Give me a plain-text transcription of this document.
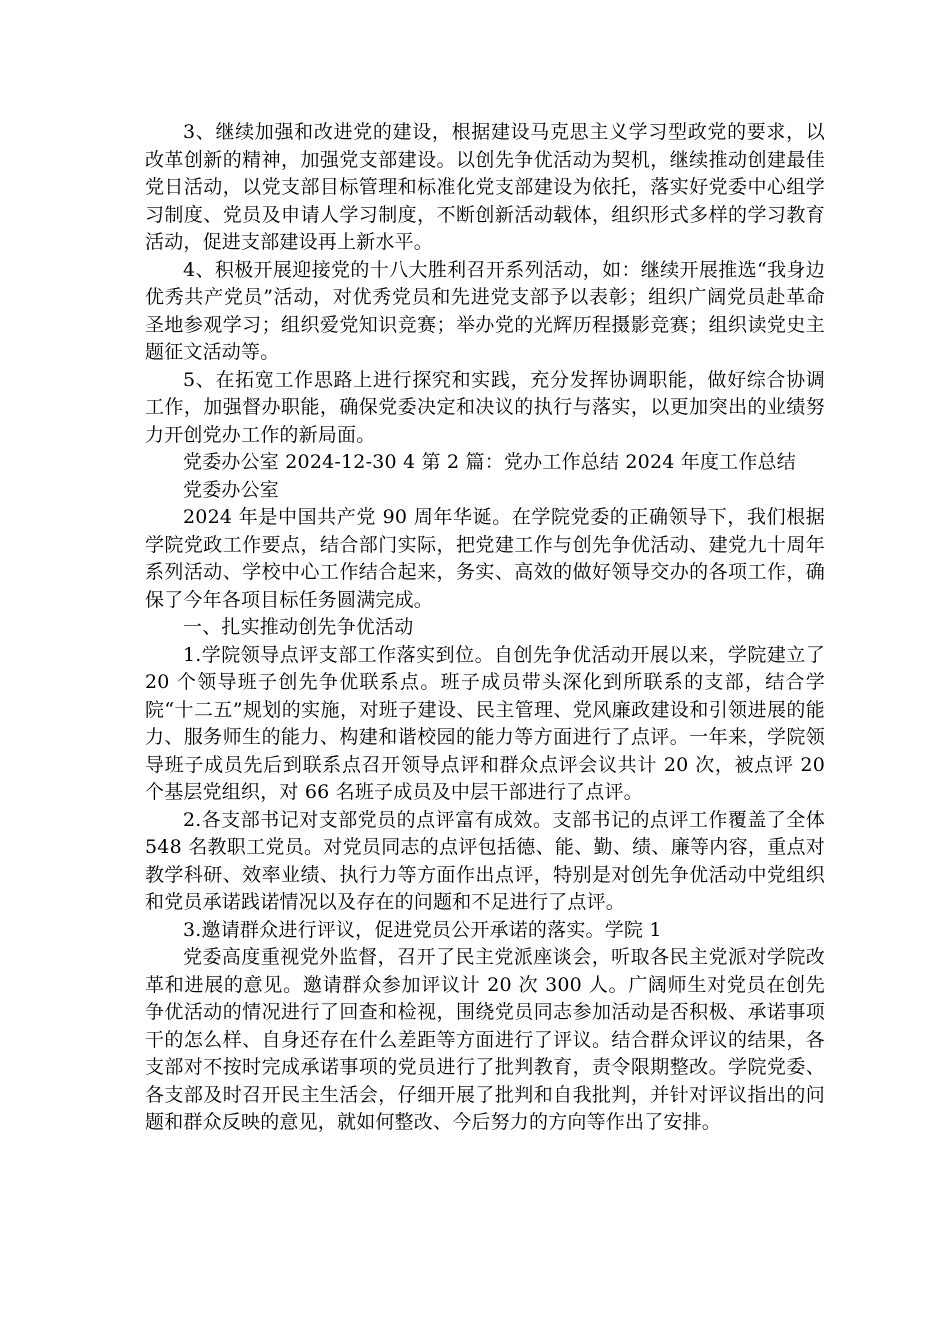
3、继续加强和改进党的建设，根据建设马克思主义学习型政党的要求，以改革创新的精神，加强党支部建设。以创先争优活动为契机，继续推动创建最佳党日活动，以党支部目标管理和标准化党支部建设为依托，落实好党委中心组学习制度、党员及申请人学习制度，不断创新活动载体，组织形式多样的学习教育活动，促进支部建设再上新水平。

4、积极开展迎接党的十八大胜利召开系列活动，如：继续开展推选“我身边优秀共产党员”活动，对优秀党员和先进党支部予以表彰；组织广阔党员赴革命圣地参观学习；组织爱党知识竞赛；举办党的光辉历程摄影竞赛；组织读党史主题征文活动等。

5、在拓宽工作思路上进行探究和实践，充分发挥协调职能，做好综合协调工作，加强督办职能，确保党委决定和决议的执行与落实，以更加突出的业绩努力开创党办工作的新局面。

党委办公室 2024-12-30 4 第 2 篇：党办工作总结 2024 年度工作总结

党委办公室

2024 年是中国共产党 90 周年华诞。在学院党委的正确领导下，我们根据学院党政工作要点，结合部门实际，把党建工作与创先争优活动、建党九十周年系列活动、学校中心工作结合起来，务实、高效的做好领导交办的各项工作，确保了今年各项目标任务圆满完成。

一、扎实推动创先争优活动

1.学院领导点评支部工作落实到位。自创先争优活动开展以来，学院建立了 20 个领导班子创先争优联系点。班子成员带头深化到所联系的支部，结合学院“十二五”规划的实施，对班子建设、民主管理、党风廉政建设和引领进展的能力、服务师生的能力、构建和谐校园的能力等方面进行了点评。一年来，学院领导班子成员先后到联系点召开领导点评和群众点评会议共计 20 次，被点评 20 个基层党组织，对 66 名班子成员及中层干部进行了点评。

2.各支部书记对支部党员的点评富有成效。支部书记的点评工作覆盖了全体 548 名教职工党员。对党员同志的点评包括德、能、勤、绩、廉等内容，重点对教学科研、效率业绩、执行力等方面作出点评，特别是对创先争优活动中党组织和党员承诺践诺情况以及存在的问题和不足进行了点评。

3.邀请群众进行评议，促进党员公开承诺的落实。学院 1

党委高度重视党外监督，召开了民主党派座谈会，听取各民主党派对学院改革和进展的意见。邀请群众参加评议计 20 次 300 人。广阔师生对党员在创先争优活动的情况进行了回查和检视，围绕党员同志参加活动是否积极、承诺事项干的怎么样、自身还存在什么差距等方面进行了评议。结合群众评议的结果，各支部对不按时完成承诺事项的党员进行了批判教育，责令限期整改。学院党委、各支部及时召开民主生活会，仔细开展了批判和自我批判，并针对评议指出的问题和群众反映的意见，就如何整改、今后努力的方向等作出了安排。
